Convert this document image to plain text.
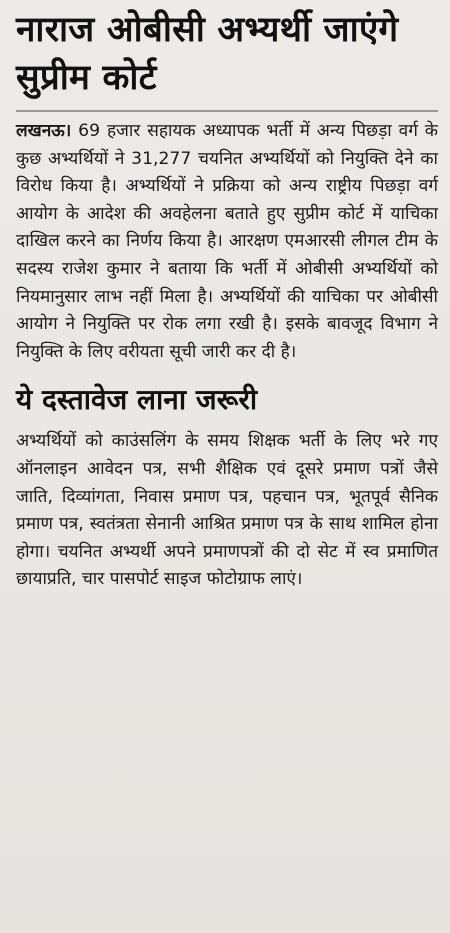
नाराज ओबीसी अभ्यर्थी जाएंगे सुप्रीम कोर्ट

लखनऊ। 69 हजार सहायक अध्यापक भर्ती में अन्य पिछड़ा वर्ग के कुछ अभ्यर्थियों ने 31,277 चयनित अभ्यर्थियों को नियुक्ति देने का विरोध किया है। अभ्यर्थियों ने प्रक्रिया को अन्य राष्ट्रीय पिछड़ा वर्ग आयोग के आदेश की अवहेलना बताते हुए सुप्रीम कोर्ट में याचिका दाखिल करने का निर्णय किया है। आरक्षण एमआरसी लीगल टीम के सदस्य राजेश कुमार ने बताया कि भर्ती में ओबीसी अभ्यर्थियों को नियमानुसार लाभ नहीं मिला है। अभ्यर्थियों की याचिका पर ओबीसी आयोग ने नियुक्ति पर रोक लगा रखी है। इसके बावजूद विभाग ने नियुक्ति के लिए वरीयता सूची जारी कर दी है।

ये दस्तावेज लाना जरूरी

अभ्यर्थियों को काउंसलिंग के समय शिक्षक भर्ती के लिए भरे गए ऑनलाइन आवेदन पत्र, सभी शैक्षिक एवं दूसरे प्रमाण पत्रों जैसे जाति, दिव्यांगता, निवास प्रमाण पत्र, पहचान पत्र, भूतपूर्व सैनिक प्रमाण पत्र, स्वतंत्रता सेनानी आश्रित प्रमाण पत्र के साथ शामिल होना होगा। चयनित अभ्यर्थी अपने प्रमाणपत्रों की दो सेट में स्व प्रमाणित छायाप्रति, चार पासपोर्ट साइज फोटोग्राफ लाएं।
